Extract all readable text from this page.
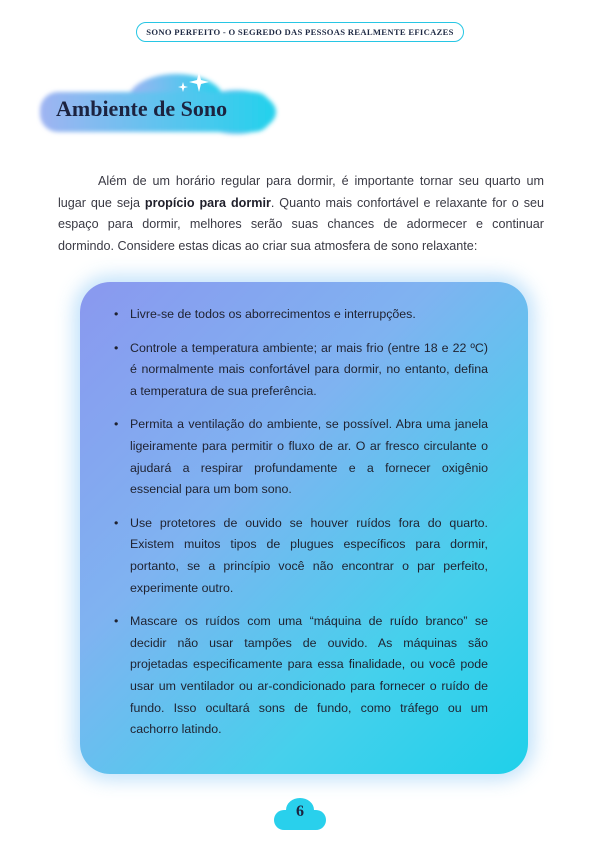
SONO PERFEITO - O SEGREDO DAS PESSOAS REALMENTE EFICAZES
Ambiente de Sono

Além de um horário regular para dormir, é importante tornar seu quarto um lugar que seja propício para dormir. Quanto mais confortável e relaxante for o seu espaço para dormir, melhores serão suas chances de adormecer e continuar dormindo. Considere estas dicas ao criar sua atmosfera de sono relaxante:

• Livre-se de todos os aborrecimentos e interrupções.
• Controle a temperatura ambiente; ar mais frio (entre 18 e 22 ºC) é normalmente mais confortável para dormir, no entanto, defina a temperatura de sua preferência.
• Permita a ventilação do ambiente, se possível. Abra uma janela ligeiramente para permitir o fluxo de ar. O ar fresco circulante o ajudará a respirar profundamente e a fornecer oxigênio essencial para um bom sono.
• Use protetores de ouvido se houver ruídos fora do quarto. Existem muitos tipos de plugues específicos para dormir, portanto, se a princípio você não encontrar o par perfeito, experimente outro.
• Mascare os ruídos com uma “máquina de ruído branco” se decidir não usar tampões de ouvido. As máquinas são projetadas especificamente para essa finalidade, ou você pode usar um ventilador ou ar-condicionado para fornecer o ruído de fundo. Isso ocultará sons de fundo, como tráfego ou um cachorro latindo.
6
